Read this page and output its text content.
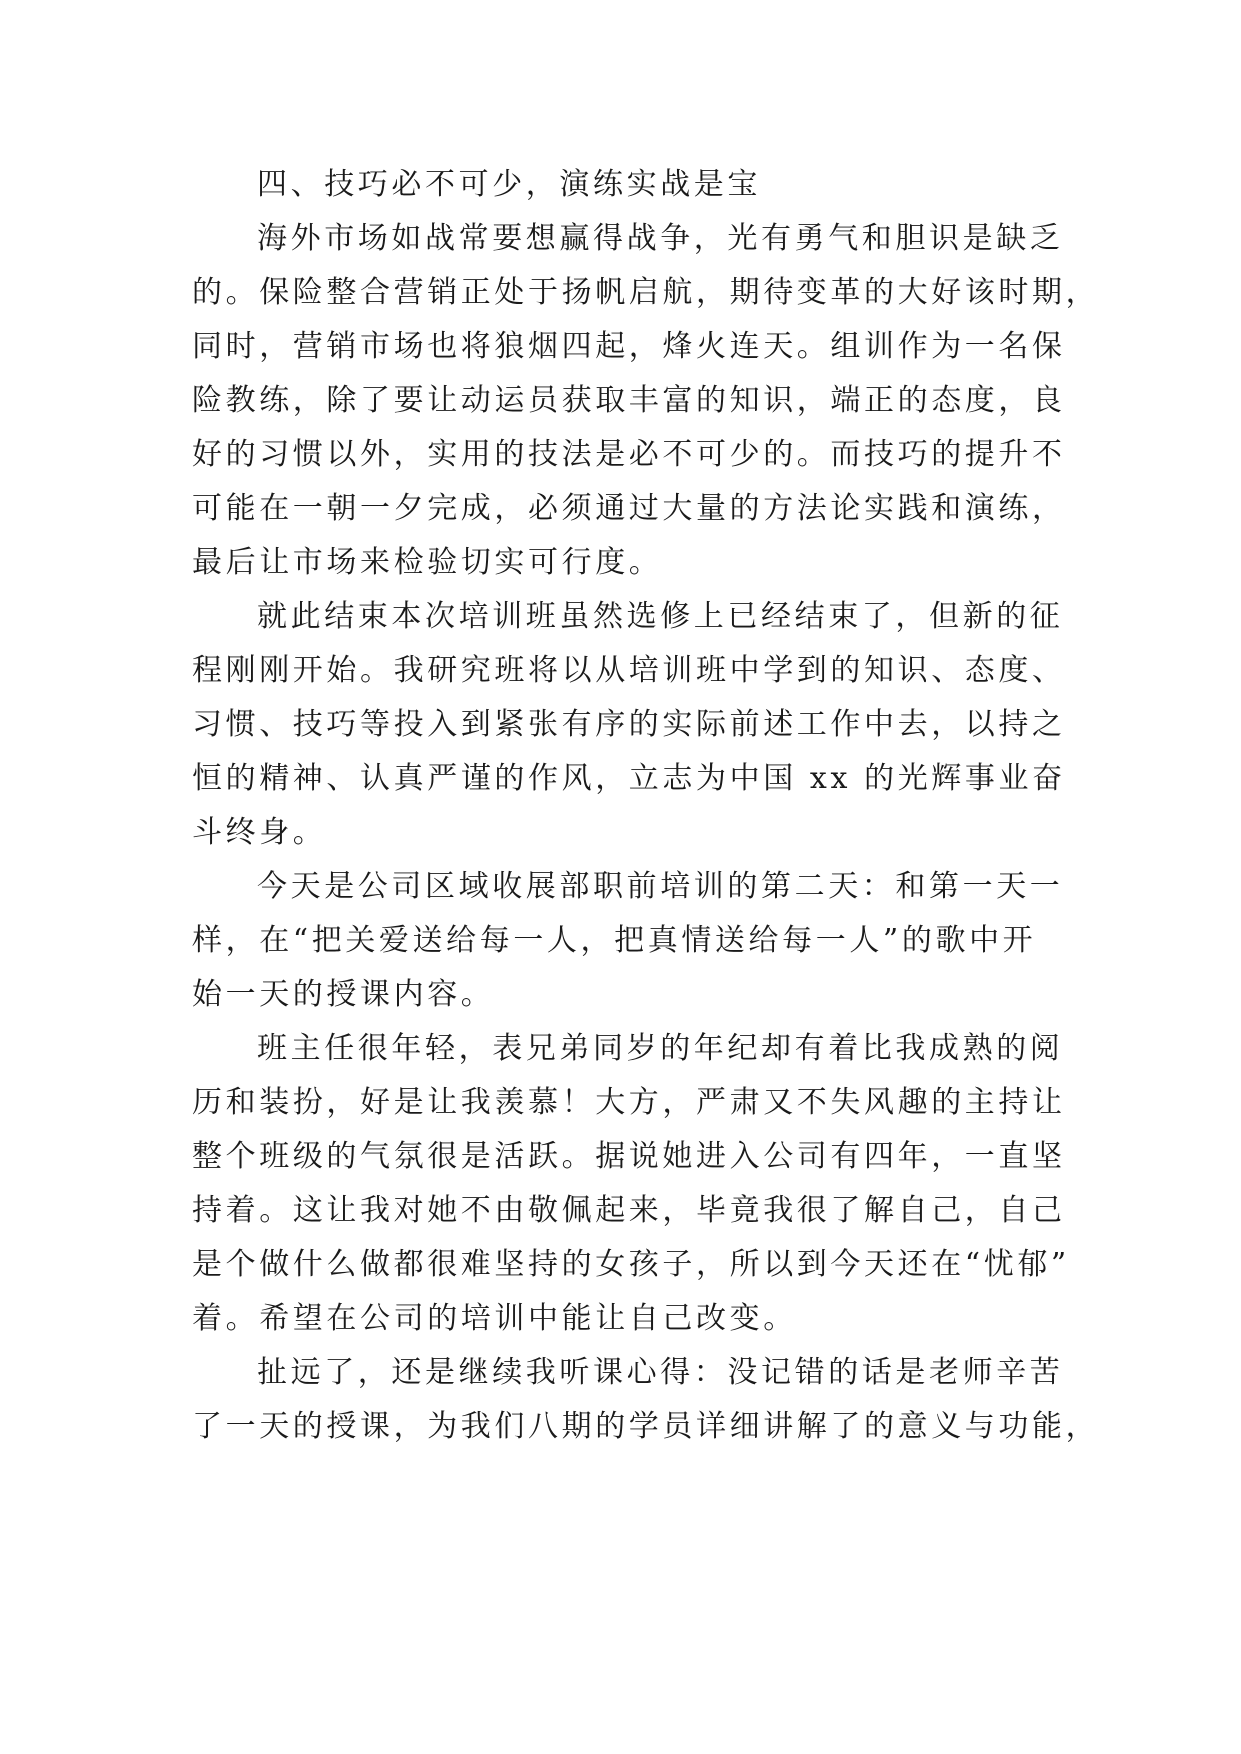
四、技巧必不可少，演练实战是宝
海外市场如战常要想赢得战争，光有勇气和胆识是缺乏
的。保险整合营销正处于扬帆启航，期待变革的大好该时期，
同时，营销市场也将狼烟四起，烽火连天。组训作为一名保
险教练，除了要让动运员获取丰富的知识，端正的态度，良
好的习惯以外，实用的技法是必不可少的。而技巧的提升不
可能在一朝一夕完成，必须通过大量的方法论实践和演练，
最后让市场来检验切实可行度。
就此结束本次培训班虽然选修上已经结束了，但新的征
程刚刚开始。我研究班将以从培训班中学到的知识、态度、
习惯、技巧等投入到紧张有序的实际前述工作中去，以持之
恒的精神、认真严谨的作风，立志为中国 xx 的光辉事业奋
斗终身。
今天是公司区域收展部职前培训的第二天：和第一天一
样，在“把关爱送给每一人，把真情送给每一人”的歌中开
始一天的授课内容。
班主任很年轻，表兄弟同岁的年纪却有着比我成熟的阅
历和装扮，好是让我羡慕！大方，严肃又不失风趣的主持让
整个班级的气氛很是活跃。据说她进入公司有四年，一直坚
持着。这让我对她不由敬佩起来，毕竟我很了解自己，自己
是个做什么做都很难坚持的女孩子，所以到今天还在“忧郁”
着。希望在公司的培训中能让自己改变。
扯远了，还是继续我听课心得：没记错的话是老师辛苦
了一天的授课，为我们八期的学员详细讲解了的意义与功能，
